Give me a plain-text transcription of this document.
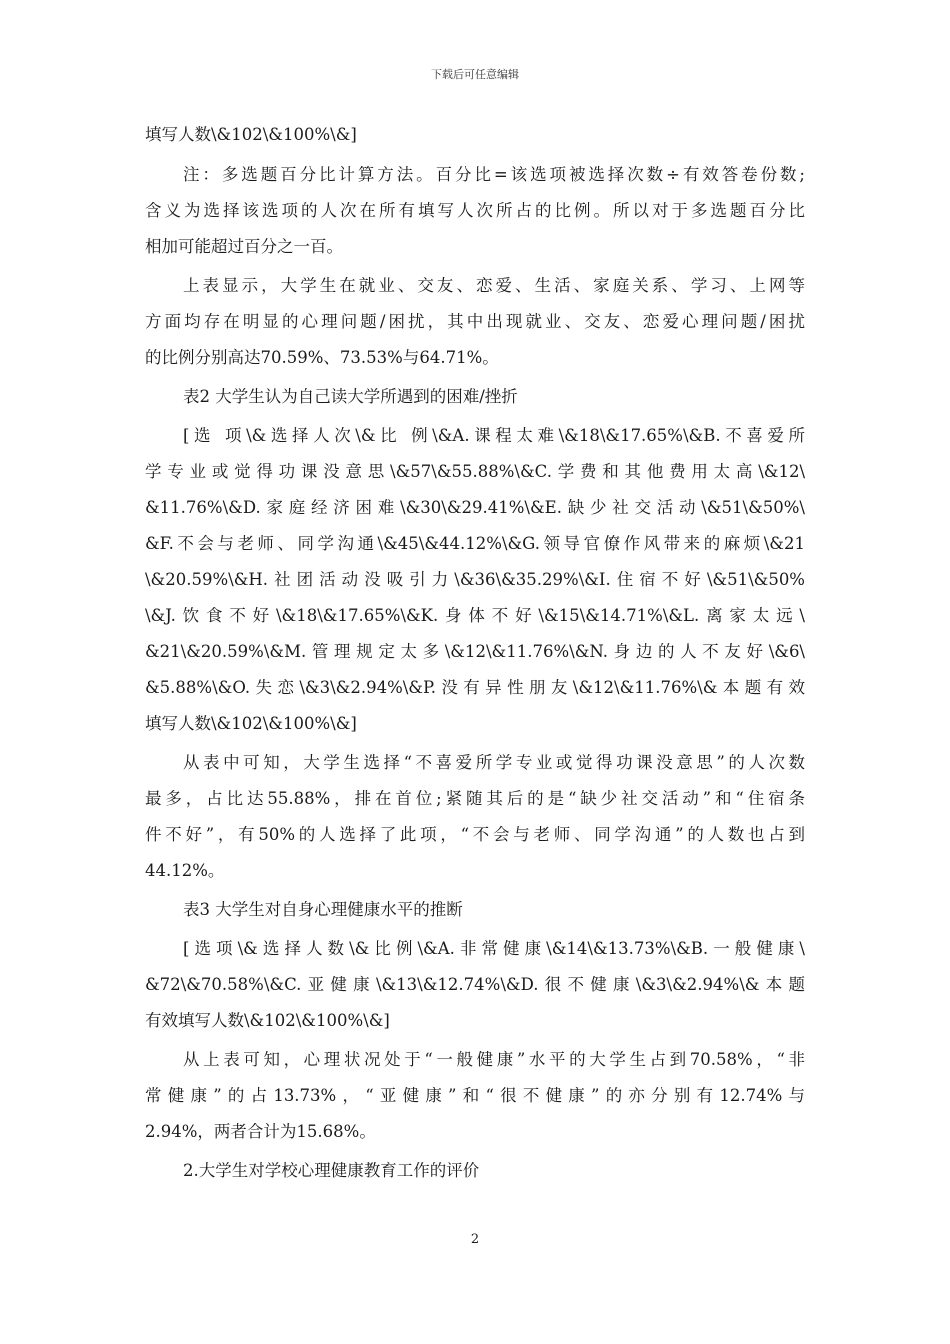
下载后可任意编辑
填写人数\&102\&100%\&]
注：多选题百分比计算方法。百分比=该选项被选择次数÷有效答卷份数;
含义为选择该选项的人次在所有填写人次所占的比例。所以对于多选题百分比
相加可能超过百分之一百。
上表显示，大学生在就业、交友、恋爱、生活、家庭关系、学习、上网等
方面均存在明显的心理问题/困扰，其中出现就业、交友、恋爱心理问题/困扰
的比例分别高达70.59%、73.53%与64.71%。
表2 大学生认为自己读大学所遇到的困难/挫折
[选 项\&选择人次\&比 例\&A.课程太难\&18\&17.65%\&B.不喜爱所
学专业或觉得功课没意思\&57\&55.88%\&C.学费和其他费用太高\&12\
&11.76%\&D.家庭经济困难\&30\&29.41%\&E.缺少社交活动\&51\&50%\
&F.不会与老师、同学沟通\&45\&44.12%\&G.领导官僚作风带来的麻烦\&21
\&20.59%\&H.社团活动没吸引力\&36\&35.29%\&I.住宿不好\&51\&50%
\&J.饮食不好\&18\&17.65%\&K.身体不好\&15\&14.71%\&L.离家太远\
&21\&20.59%\&M.管理规定太多\&12\&11.76%\&N.身边的人不友好\&6\
&5.88%\&O.失恋\&3\&2.94%\&P.没有异性朋友\&12\&11.76%\&本题有效
填写人数\&102\&100%\&]
从表中可知，大学生选择“不喜爱所学专业或觉得功课没意思”的人次数
最多，占比达55.88%，排在首位;紧随其后的是“缺少社交活动”和“住宿条
件不好”，有50%的人选择了此项，“不会与老师、同学沟通”的人数也占到
44.12%。
表3 大学生对自身心理健康水平的推断
[选项\&选择人数\&比例\&A.非常健康\&14\&13.73%\&B.一般健康\
&72\&70.58%\&C.亚健康\&13\&12.74%\&D.很不健康\&3\&2.94%\&本题
有效填写人数\&102\&100%\&]
从上表可知，心理状况处于“一般健康”水平的大学生占到70.58%，“非
常健康”的占13.73%，“亚健康”和“很不健康”的亦分别有12.74%与
2.94%，两者合计为15.68%。
2.大学生对学校心理健康教育工作的评价
2
